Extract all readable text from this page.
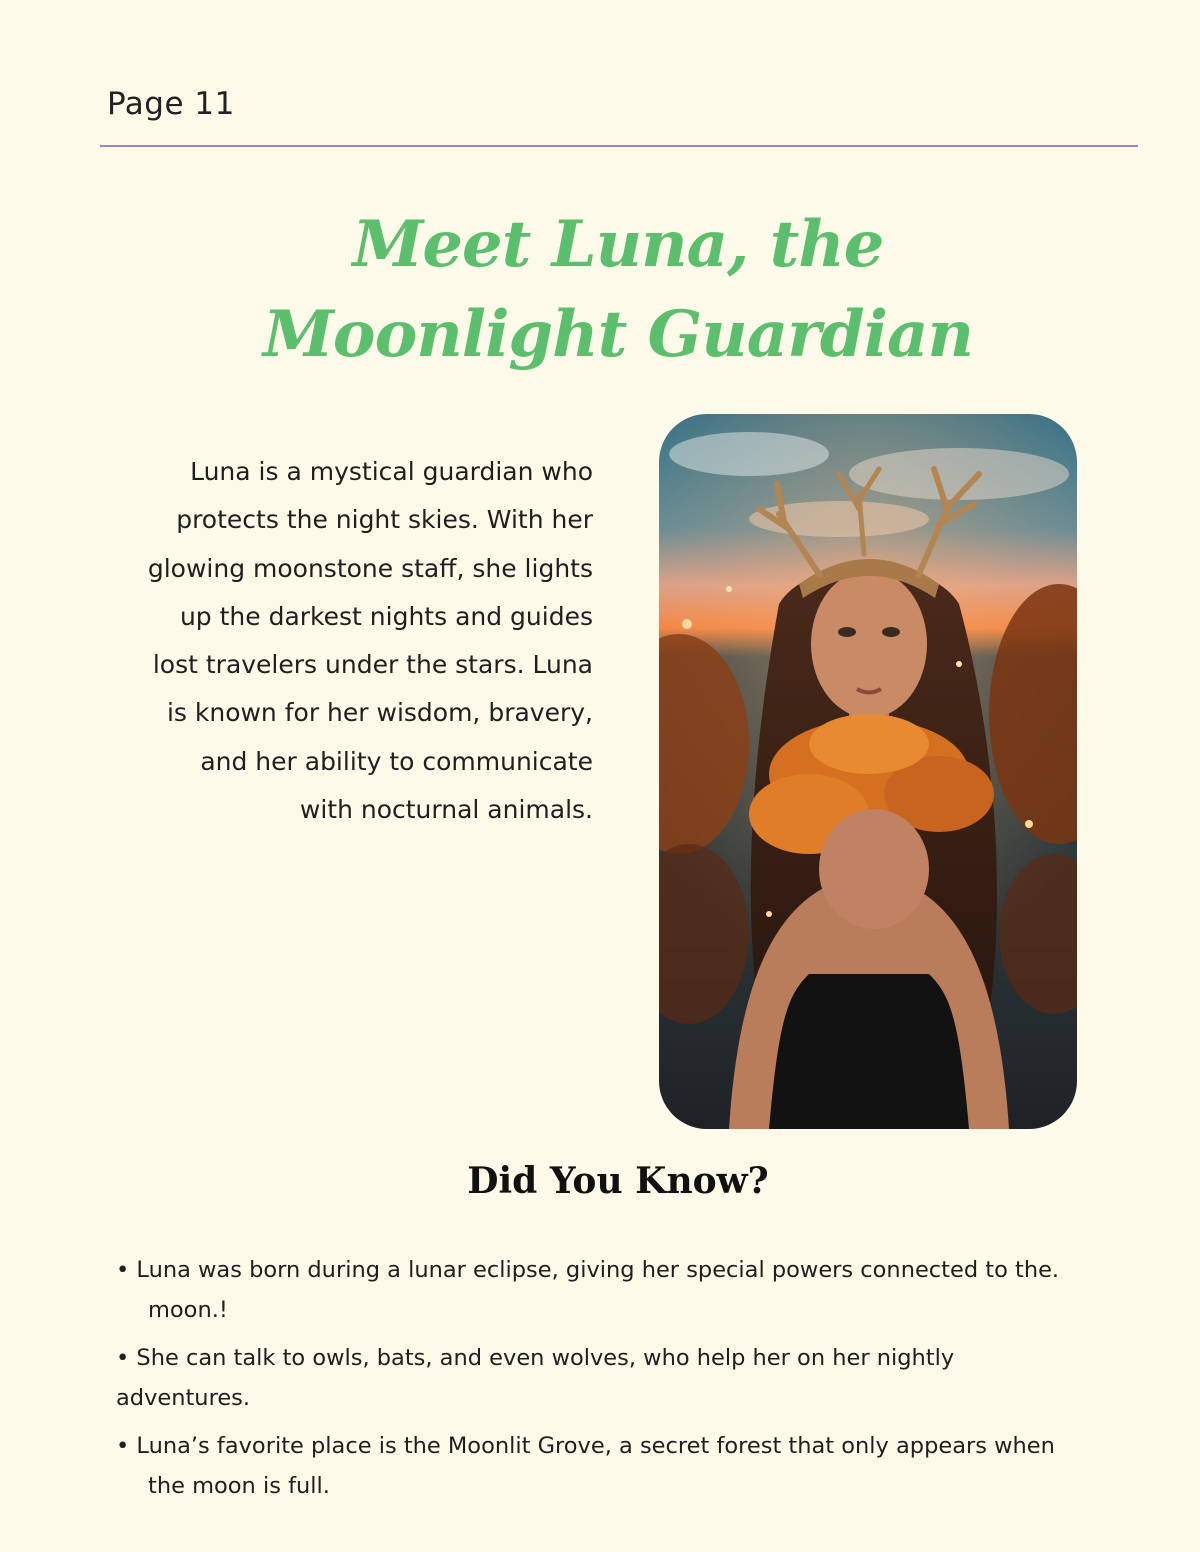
Page 11
Meet Luna, the
Moonlight Guardian
Luna is a mystical guardian who
protects the night skies. With her
glowing moonstone staff, she lights
up the darkest nights and guides
lost travelers under the stars. Luna
is known for her wisdom, bravery,
and her ability to communicate
with nocturnal animals.
Did You Know?
• Luna was born during a lunar eclipse, giving her special powers connected to the.
moon.!
• She can talk to owls, bats, and even wolves, who help her on her nightly
adventures.
• Luna’s favorite place is the Moonlit Grove, a secret forest that only appears when
the moon is full.
